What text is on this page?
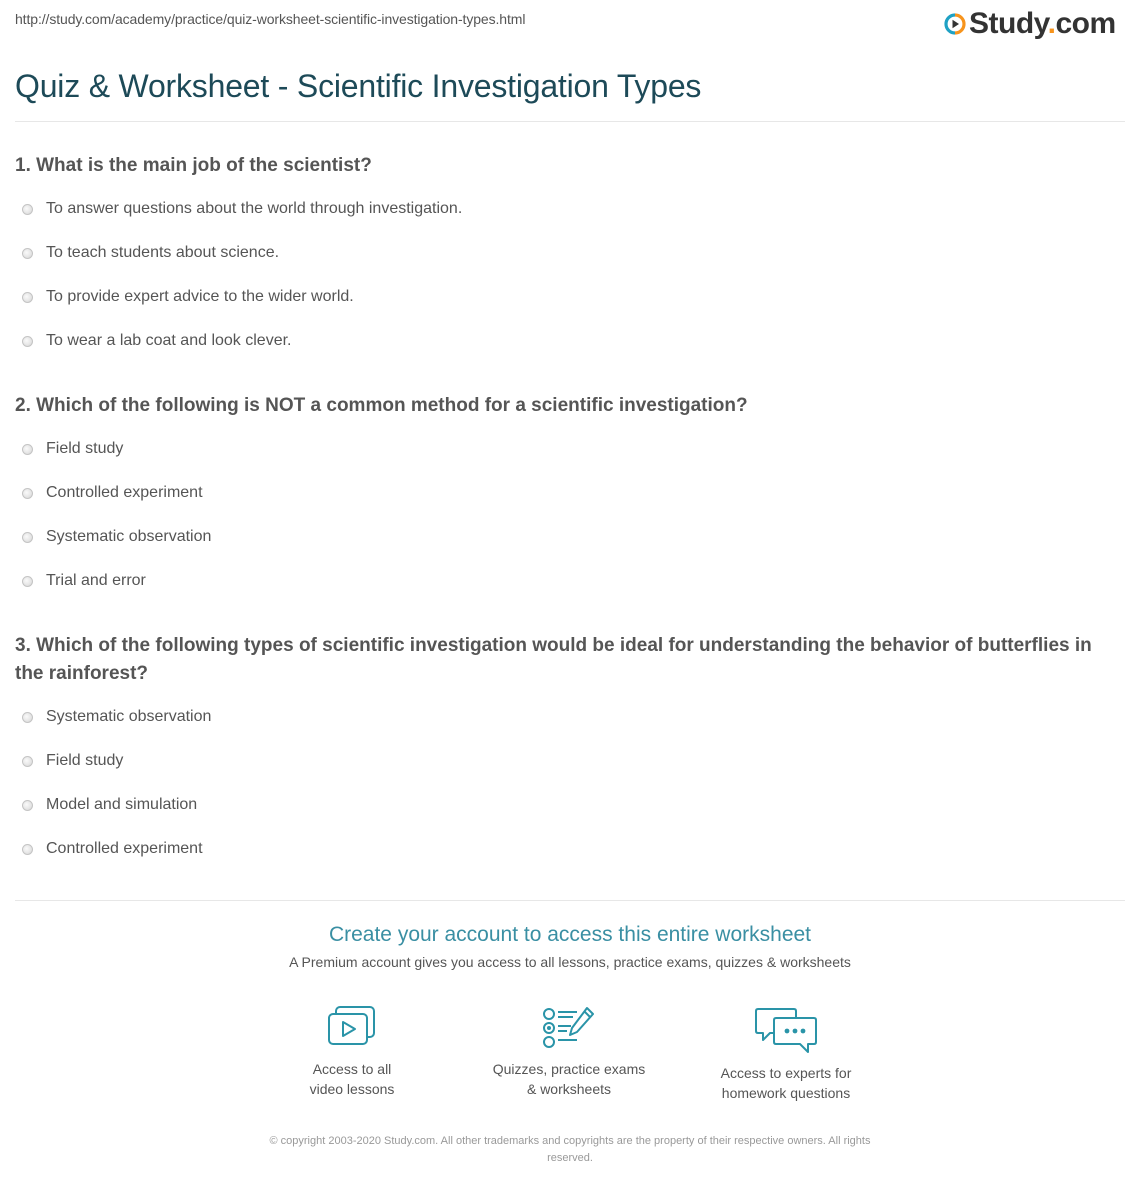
http://study.com/academy/practice/quiz-worksheet-scientific-investigation-types.html	Study.com
Quiz & Worksheet - Scientific Investigation Types
1. What is the main job of the scientist?
To answer questions about the world through investigation.
To teach students about science.
To provide expert advice to the wider world.
To wear a lab coat and look clever.
2. Which of the following is NOT a common method for a scientific investigation?
Field study
Controlled experiment
Systematic observation
Trial and error
3. Which of the following types of scientific investigation would be ideal for understanding the behavior of butterflies in the rainforest?
Systematic observation
Field study
Model and simulation
Controlled experiment
Create your account to access this entire worksheet
A Premium account gives you access to all lessons, practice exams, quizzes & worksheets
Access to all
video lessons
Quizzes, practice exams
& worksheets
Access to experts for
homework questions
© copyright 2003-2020 Study.com. All other trademarks and copyrights are the property of their respective owners. All rights
reserved.
